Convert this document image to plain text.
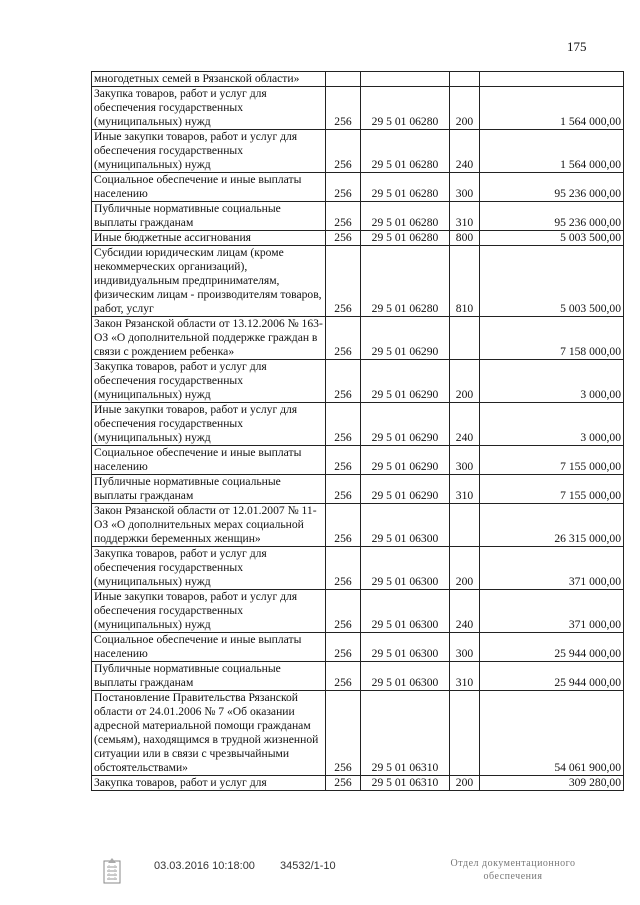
175
многодетных семей в Рязанской области»				
Закупка товаров, работ и услуг для обеспечения государственных (муниципальных) нужд	256	29 5 01 06280	200	1 564 000,00
Иные закупки товаров, работ и услуг для обеспечения государственных (муниципальных) нужд	256	29 5 01 06280	240	1 564 000,00
Социальное обеспечение и иные выплаты населению	256	29 5 01 06280	300	95 236 000,00
Публичные нормативные социальные выплаты гражданам	256	29 5 01 06280	310	95 236 000,00
Иные бюджетные ассигнования	256	29 5 01 06280	800	5 003 500,00
Субсидии юридическим лицам (кроме некоммерческих организаций), индивидуальным предпринимателям, физическим лицам - производителям товаров, работ, услуг	256	29 5 01 06280	810	5 003 500,00
Закон Рязанской области от 13.12.2006 № 163-ОЗ «О дополнительной поддержке граждан в связи с рождением ребенка»	256	29 5 01 06290		7 158 000,00
Закупка товаров, работ и услуг для обеспечения государственных (муниципальных) нужд	256	29 5 01 06290	200	3 000,00
Иные закупки товаров, работ и услуг для обеспечения государственных (муниципальных) нужд	256	29 5 01 06290	240	3 000,00
Социальное обеспечение и иные выплаты населению	256	29 5 01 06290	300	7 155 000,00
Публичные нормативные социальные выплаты гражданам	256	29 5 01 06290	310	7 155 000,00
Закон Рязанской области от 12.01.2007 № 11-ОЗ «О дополнительных мерах социальной поддержки беременных женщин»	256	29 5 01 06300		26 315 000,00
Закупка товаров, работ и услуг для обеспечения государственных (муниципальных) нужд	256	29 5 01 06300	200	371 000,00
Иные закупки товаров, работ и услуг для обеспечения государственных (муниципальных) нужд	256	29 5 01 06300	240	371 000,00
Социальное обеспечение и иные выплаты населению	256	29 5 01 06300	300	25 944 000,00
Публичные нормативные социальные выплаты гражданам	256	29 5 01 06300	310	25 944 000,00
Постановление Правительства Рязанской области от 24.01.2006 № 7 «Об оказании адресной материальной помощи гражданам (семьям), находящимся в трудной жизненной ситуации или в связи с чрезвычайными обстоятельствами»	256	29 5 01 06310		54 061 900,00
Закупка товаров, работ и услуг для	256	29 5 01 06310	200	309 280,00
03.03.2016 10:18:00 34532/1-10	Отдел документационного
обеспечения
